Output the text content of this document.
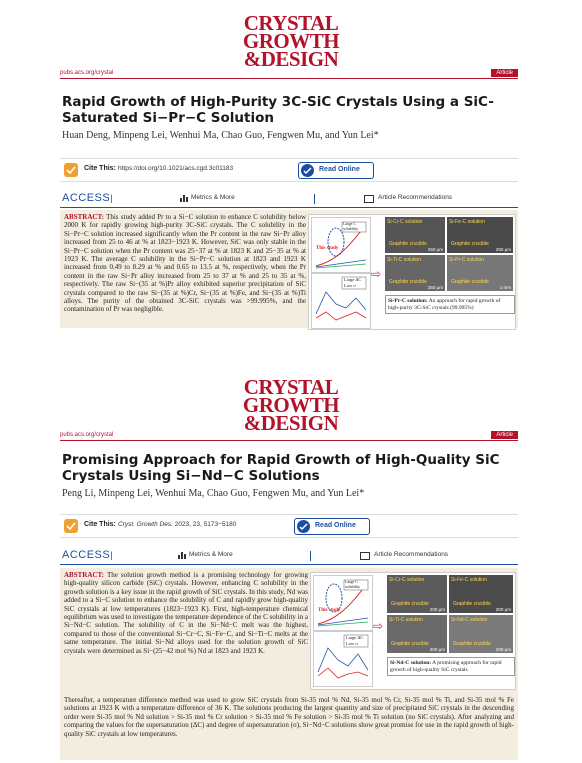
CRYSTAL
GROWTH
&DESIGN
pubs.acs.org/crystal	Article
Rapid Growth of High-Purity 3C-SiC Crystals Using a SiC-Saturated Si−Pr−C Solution
Huan Deng, Minpeng Lei, Wenhui Ma, Chao Guo, Fengwen Mu, and Yun Lei*
Cite This: https://doi.org/10.1021/acs.cgd.3c01183	Read Online
ACCESS|	Metrics & More	Article Recommendations
ABSTRACT: This study added Pr to a Si−C solution to enhance C solubility below 2000 K for rapidly growing high-purity 3C-SiC crystals. The C solubility in the Si−Pr−C solution increased significantly when the Pr content in the raw Si−Pr alloy increased from 25 to 46 at % at 1823−1923 K. However, SiC was only stable in the Si−Pr−C solution when the Pr content was 25−37 at % at 1823 K and 25−35 at % at 1923 K. The average C solubility in the Si−Pr−C solution at 1823 and 1923 K increased from 0.49 to 8.29 at % and 0.65 to 13.5 at %, respectively, when the Pr content in the raw Si−Pr alloy increased from 25 to 37 at % and 25 to 35 at %, respectively. The raw Si−(35 at %)Pr alloy exhibited superior precipitation of SiC crystals compared to the raw Si−(35 at %)Cr, Si−(35 at %)Fe, and Si−(35 at %)Ti alloys. The purity of the obtained 3C-SiC crystals was >99.995%, and the contamination of Pr was negligible.
Large C solubility
This study
Large ΔC
Low σ
⇨
Si-Cr-C solution
Graphite crucible
250 μm
Si-Fe-C solution
Graphite crucible
250 μm
Si-Ti-C solution
Graphite crucible
250 μm
Si-Pr-C solution
Graphite crucible
1 mm
Si-Pr-C solution: An approach for rapid growth of high-purity 3C-SiC crystals (99.995%)
CRYSTAL
GROWTH
&DESIGN
pubs.acs.org/crystal	Article
Promising Approach for Rapid Growth of High-Quality SiC Crystals Using Si−Nd−C Solutions
Peng Li, Minpeng Lei, Wenhui Ma, Chao Guo, Fengwen Mu, and Yun Lei*
Cite This: Cryst. Growth Des. 2023, 23, 5173−5180	Read Online
ACCESS|	Metrics & More	Article Recommendations
ABSTRACT: The solution growth method is a promising technology for growing high-quality silicon carbide (SiC) crystals. However, enhancing C solubility in the growth solution is a key issue in the rapid growth of SiC crystals. In this study, Nd was added to a Si−C solution to enhance the solubility of C and rapidly grow high-quality SiC crystals at low temperatures (1823−1923 K). First, high-temperature chemical equilibrium was used to investigate the temperature dependence of the C solubility in a Si−Nd−C solution. The solubility of C in the Si−Nd−C melt was the highest, compared to those of the conventional Si−Cr−C, Si−Fe−C, and Si−Ti−C melts at the same temperature. The initial Si−Nd alloys used for the solution growth of SiC crystals were determined as Si−(25−42 mol %) Nd at 1823 and 1923 K.
Thereafter, a temperature difference method was used to grow SiC crystals from Si-35 mol % Nd, Si-35 mol % Cr, Si-35 mol % Ti, and Si-35 mol % Fe solutions at 1923 K with a temperature difference of 36 K. The solutions producing the largest quantity and size of precipitated SiC crystals in the descending order were Si-35 mol % Nd solution > Si-35 mol % Cr solution > Si-35 mol % Fe solution > Si-35 mol % Ti solution (no SiC crystals). After analyzing and comparing the values for the supersaturation (ΔC) and degree of supersaturation (σ), Si−Nd−C solutions show great promise for use in the rapid growth of high-quality SiC crystals at low temperatures.
Large C solubility
This study
Large ΔC
Low σ
⇨
Si-Cr-C solution
Graphite crucible
200 μm
Si-Fe-C solution
Graphite crucible
200 μm
Si-Ti-C solution
Graphite crucible
200 μm
Si-Nd-C solution
Graphite crucible
200 μm
Si-Nd-C solution: A promising approach for rapid growth of high-quality SiC crystals
